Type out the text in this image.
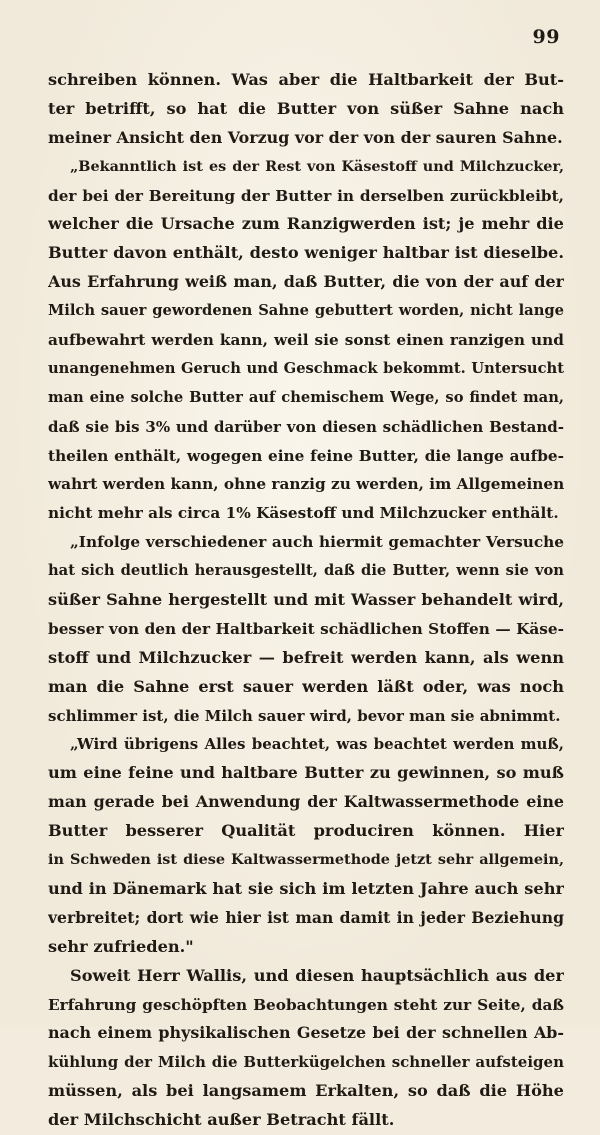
99
schreiben können. Was aber die Haltbarkeit der But-
ter betrifft, so hat die Butter von süßer Sahne nach
meiner Ansicht den Vorzug vor der von der sauren Sahne.
„Bekanntlich ist es der Rest von Käsestoff und Milchzucker,
der bei der Bereitung der Butter in derselben zurückbleibt,
welcher die Ursache zum Ranzigwerden ist; je mehr die
Butter davon enthält, desto weniger haltbar ist dieselbe.
Aus Erfahrung weiß man, daß Butter, die von der auf der
Milch sauer gewordenen Sahne gebuttert worden, nicht lange
aufbewahrt werden kann, weil sie sonst einen ranzigen und
unangenehmen Geruch und Geschmack bekommt. Untersucht
man eine solche Butter auf chemischem Wege, so findet man,
daß sie bis 3% und darüber von diesen schädlichen Bestand-
theilen enthält, wogegen eine feine Butter, die lange aufbe-
wahrt werden kann, ohne ranzig zu werden, im Allgemeinen
nicht mehr als circa 1% Käsestoff und Milchzucker enthält.
„Infolge verschiedener auch hiermit gemachter Versuche
hat sich deutlich herausgestellt, daß die Butter, wenn sie von
süßer Sahne hergestellt und mit Wasser behandelt wird,
besser von den der Haltbarkeit schädlichen Stoffen — Käse-
stoff und Milchzucker — befreit werden kann, als wenn
man die Sahne erst sauer werden läßt oder, was noch
schlimmer ist, die Milch sauer wird, bevor man sie abnimmt.
„Wird übrigens Alles beachtet, was beachtet werden muß,
um eine feine und haltbare Butter zu gewinnen, so muß
man gerade bei Anwendung der Kaltwassermethode eine
Butter besserer Qualität produciren können. Hier
in Schweden ist diese Kaltwassermethode jetzt sehr allgemein,
und in Dänemark hat sie sich im letzten Jahre auch sehr
verbreitet; dort wie hier ist man damit in jeder Beziehung
sehr zufrieden."
Soweit Herr Wallis, und diesen hauptsächlich aus der
Erfahrung geschöpften Beobachtungen steht zur Seite, daß
nach einem physikalischen Gesetze bei der schnellen Ab-
kühlung der Milch die Butterkügelchen schneller aufsteigen
müssen, als bei langsamem Erkalten, so daß die Höhe
der Milchschicht außer Betracht fällt.
